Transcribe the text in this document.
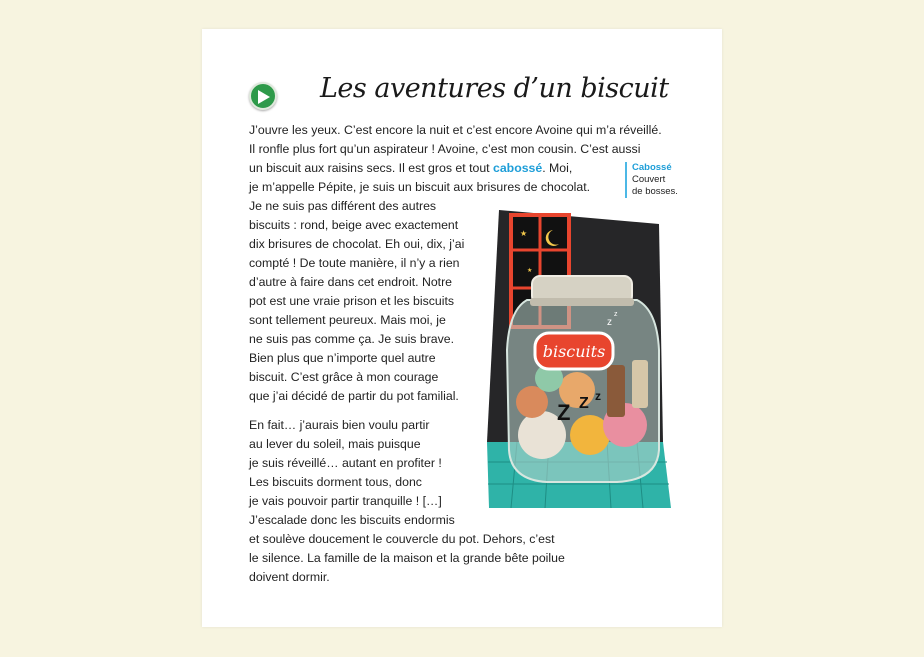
Les aventures d’un biscuit
J’ouvre les yeux. C’est encore la nuit et c’est encore Avoine qui m’a réveillé.
Il ronfle plus fort qu’un aspirateur ! Avoine, c’est mon cousin. C’est aussi
un biscuit aux raisins secs. Il est gros et tout cabossé. Moi,
je m’appelle Pépite, je suis un biscuit aux brisures de chocolat.
Je ne suis pas différent des autres
biscuits : rond, beige avec exactement
dix brisures de chocolat. Eh oui, dix, j’ai
compté ! De toute manière, il n’y a rien
d’autre à faire dans cet endroit. Notre
pot est une vraie prison et les biscuits
sont tellement peureux. Mais moi, je
ne suis pas comme ça. Je suis brave.
Bien plus que n’importe quel autre
biscuit. C’est grâce à mon courage
que j’ai décidé de partir du pot familial.
En fait… j’aurais bien voulu partir
au lever du soleil, mais puisque
je suis réveillé… autant en profiter !
Les biscuits dorment tous, donc
je vais pouvoir partir tranquille ! […]
J’escalade donc les biscuits endormis
et soulève doucement le couvercle du pot. Dehors, c’est
le silence. La famille de la maison et la grande bête poilue
doivent dormir.
Cabossé
Couvert
de bosses.
★
★
biscuits
Z Z z
z
z
